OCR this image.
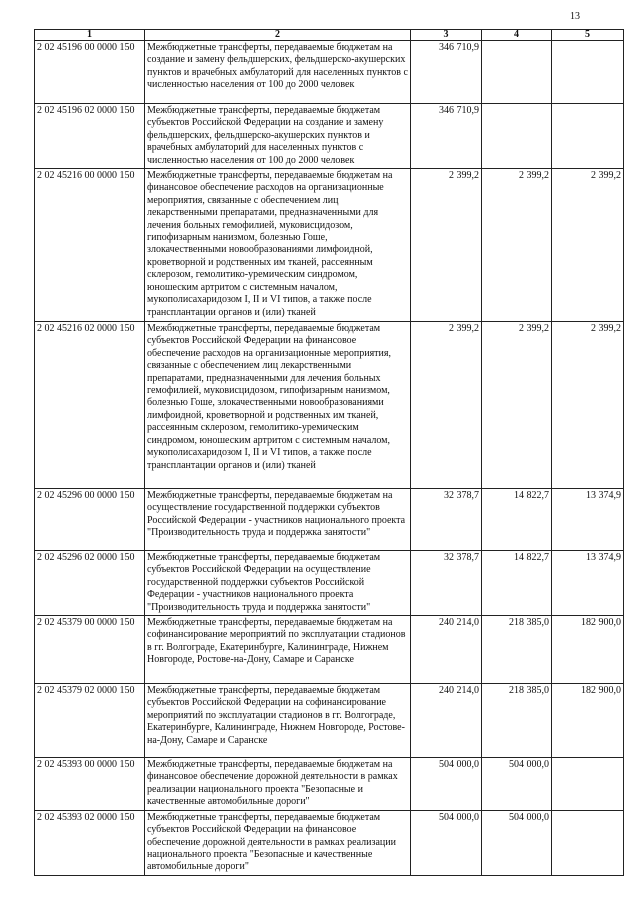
13
1	2	3	4	5
2 02 45196 00 0000 150	Межбюджетные трансферты, передаваемые бюджетам на создание и замену фельдшерских, фельдшерско-акушерских пунктов и врачебных амбулаторий для населенных пунктов с численностью населения от 100 до 2000 человек	346 710,9		
2 02 45196 02 0000 150	Межбюджетные трансферты, передаваемые бюджетам субъектов Российской Федерации на создание и замену фельдшерских, фельдшерско-акушерских пунктов и врачебных амбулаторий для населенных пунктов с численностью населения от 100 до 2000 человек	346 710,9		
2 02 45216 00 0000 150	Межбюджетные трансферты, передаваемые бюджетам на финансовое обеспечение расходов на организационные мероприятия, связанные с обеспечением лиц лекарственными препаратами, предназначенными для лечения больных гемофилией, муковисцидозом, гипофизарным нанизмом, болезнью Гоше, злокачественными новообразованиями лимфоидной, кроветворной и родственных им тканей, рассеянным склерозом, гемолитико-уремическим синдромом, юношеским артритом с системным началом, мукополисахаридозом I, II и VI типов, а также после трансплантации органов и (или) тканей	2 399,2	2 399,2	2 399,2
2 02 45216 02 0000 150	Межбюджетные трансферты, передаваемые бюджетам субъектов Российской Федерации на финансовое обеспечение расходов на организационные мероприятия, связанные с обеспечением лиц лекарственными препаратами, предназначенными для лечения больных гемофилией, муковисцидозом, гипофизарным нанизмом, болезнью Гоше, злокачественными новообразованиями лимфоидной, кроветворной и родственных им тканей, рассеянным склерозом, гемолитико-уремическим синдромом, юношеским артритом с системным началом, мукополисахаридозом I, II и VI типов, а также после трансплантации органов и (или) тканей	2 399,2	2 399,2	2 399,2
2 02 45296 00 0000 150	Межбюджетные трансферты, передаваемые бюджетам на осуществление государственной поддержки субъектов Российской Федерации - участников национального проекта "Производительность труда и поддержка занятости"	32 378,7	14 822,7	13 374,9
2 02 45296 02 0000 150	Межбюджетные трансферты, передаваемые бюджетам субъектов Российской Федерации на осуществление государственной поддержки субъектов Российской Федерации - участников национального проекта "Производительность труда и поддержка занятости"	32 378,7	14 822,7	13 374,9
2 02 45379 00 0000 150	Межбюджетные трансферты, передаваемые бюджетам на софинансирование мероприятий по эксплуатации стадионов в гг. Волгограде, Екатеринбурге, Калининграде, Нижнем Новгороде, Ростове-на-Дону, Самаре и Саранске	240 214,0	218 385,0	182 900,0
2 02 45379 02 0000 150	Межбюджетные трансферты, передаваемые бюджетам субъектов Российской Федерации на софинансирование мероприятий по эксплуатации стадионов в гг. Волгограде, Екатеринбурге, Калининграде, Нижнем Новгороде, Ростове-на-Дону, Самаре и Саранске	240 214,0	218 385,0	182 900,0
2 02 45393 00 0000 150	Межбюджетные трансферты, передаваемые бюджетам на финансовое обеспечение дорожной деятельности в рамках реализации национального проекта "Безопасные и качественные автомобильные дороги"	504 000,0	504 000,0	
2 02 45393 02 0000 150	Межбюджетные трансферты, передаваемые бюджетам субъектов Российской Федерации на финансовое обеспечение дорожной деятельности в рамках реализации национального проекта "Безопасные и качественные автомобильные дороги"	504 000,0	504 000,0	
